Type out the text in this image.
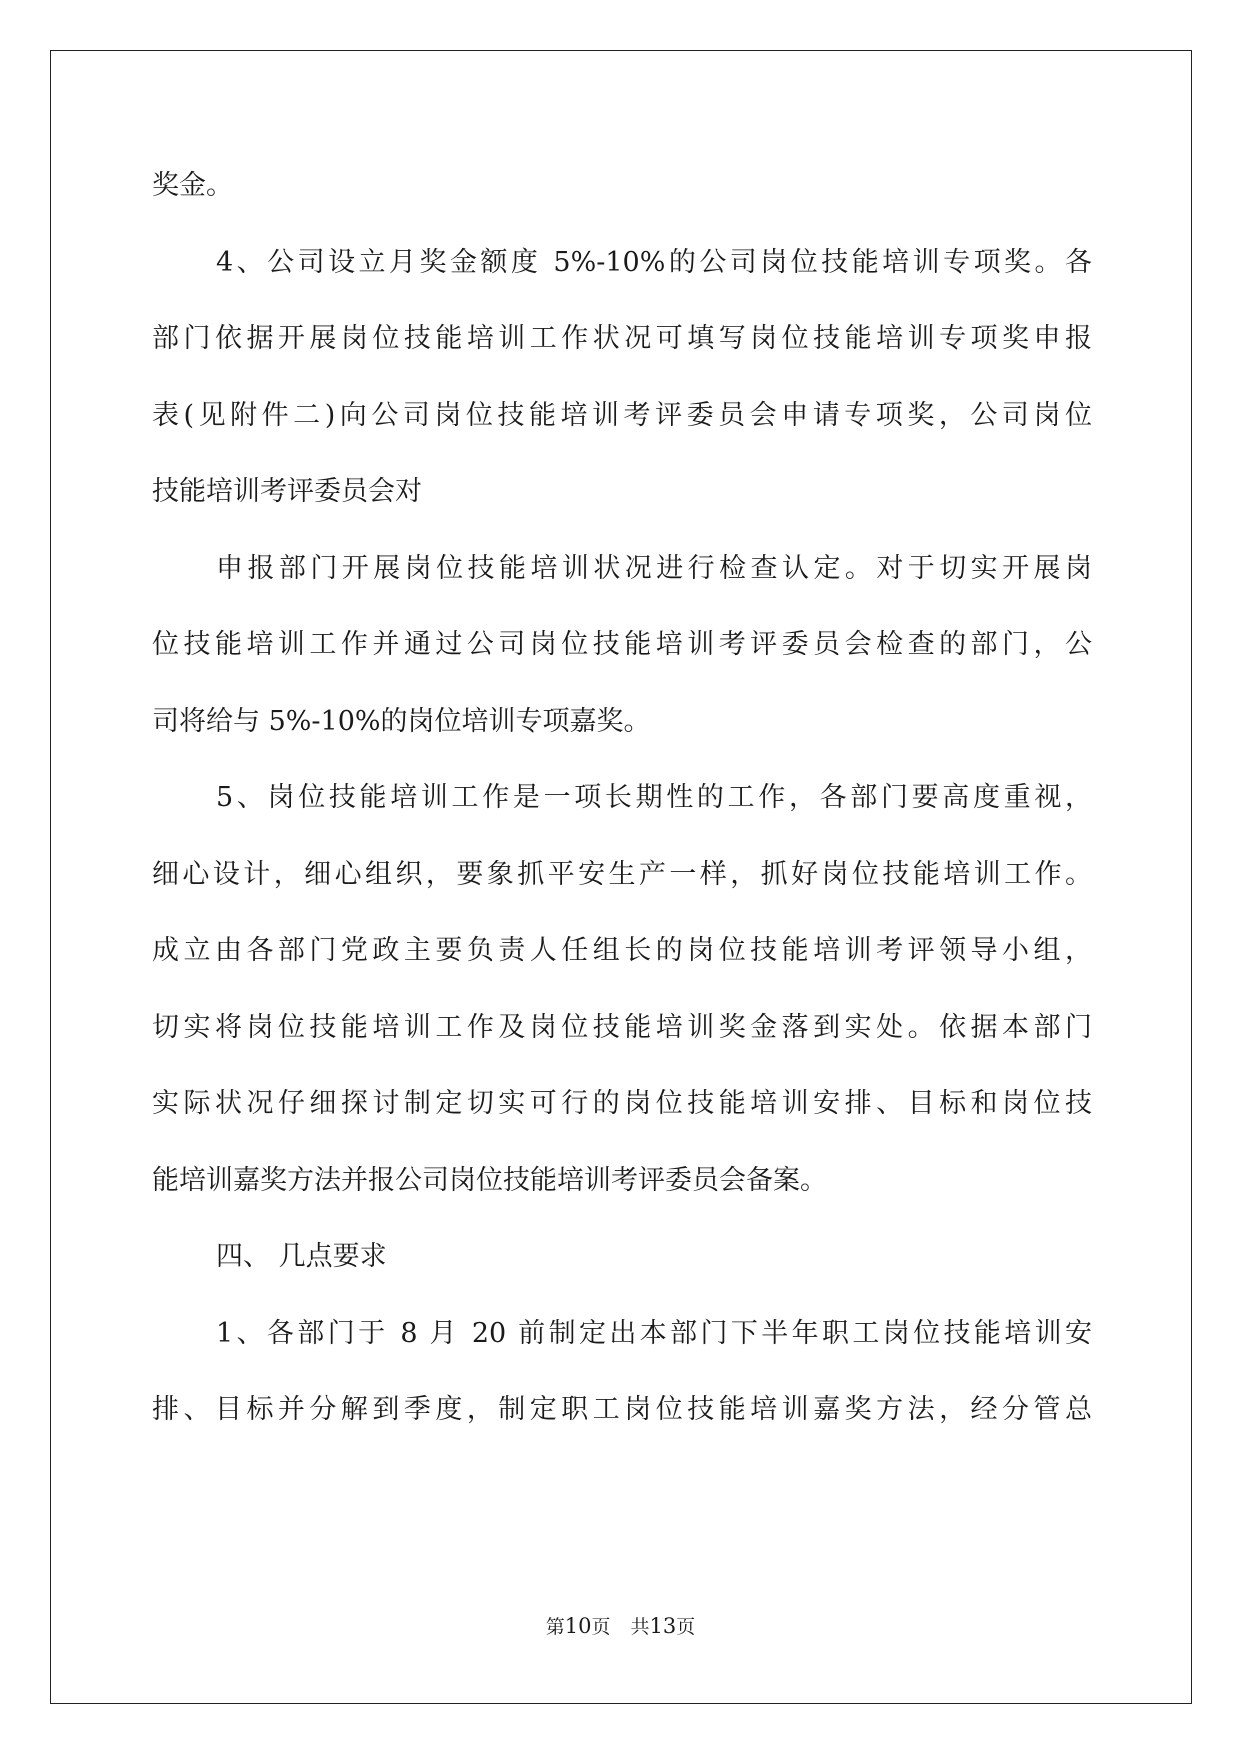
奖金。
4、公司设立月奖金额度 5%-10%的公司岗位技能培训专项奖。各
部门依据开展岗位技能培训工作状况可填写岗位技能培训专项奖申报
表(见附件二)向公司岗位技能培训考评委员会申请专项奖，公司岗位
技能培训考评委员会对
申报部门开展岗位技能培训状况进行检查认定。对于切实开展岗
位技能培训工作并通过公司岗位技能培训考评委员会检查的部门，公
司将给与 5%-10%的岗位培训专项嘉奖。
5、岗位技能培训工作是一项长期性的工作，各部门要高度重视，
细心设计，细心组织，要象抓平安生产一样，抓好岗位技能培训工作。
成立由各部门党政主要负责人任组长的岗位技能培训考评领导小组，
切实将岗位技能培训工作及岗位技能培训奖金落到实处。依据本部门
实际状况仔细探讨制定切实可行的岗位技能培训安排、目标和岗位技
能培训嘉奖方法并报公司岗位技能培训考评委员会备案。
四、 几点要求
1、各部门于 8 月 20 前制定出本部门下半年职工岗位技能培训安
排、目标并分解到季度，制定职工岗位技能培训嘉奖方法，经分管总
第10页 共13页
